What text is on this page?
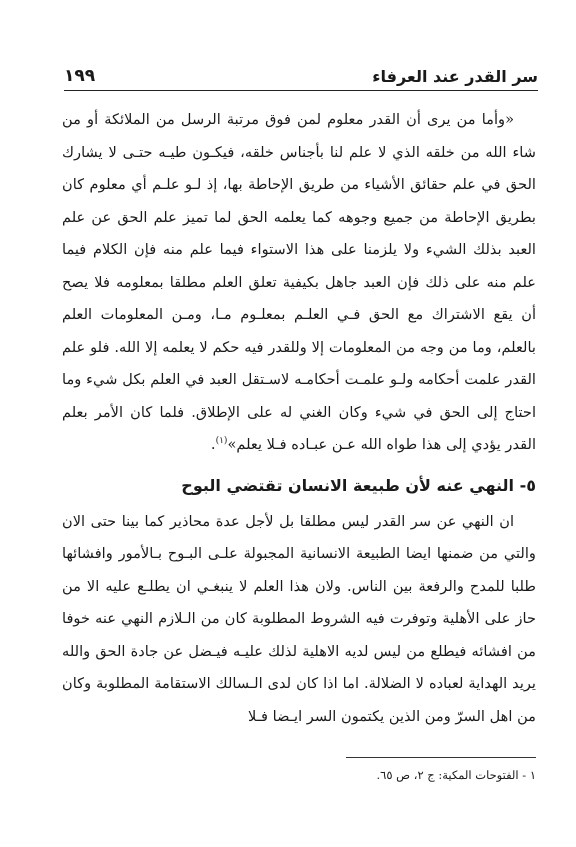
سر القدر عند العرفاء
١٩٩

«وأما من يرى أن القدر معلوم لمن فوق مرتبة الرسل من الملائكة أو من شاء الله من خلقه الذي لا علم لنا بأجناس خلقه، فيكـون طيـه حتـى لا يشارك الحق في علم حقائق الأشياء من طريق الإحاطة بها، إذ لـو علـم أي معلوم كان بطريق الإحاطة من جميع وجوهه كما يعلمه الحق لما تميز علم الحق عن علم العبد بذلك الشيء ولا يلزمنا على هذا الاستواء فيما علم منه فإن الكلام فيما علم منه على ذلك فإن العبد جاهل بكيفية تعلق العلم مطلقا بمعلومه فلا يصح أن يقع الاشتراك مع الحق فـي العلـم بمعلـوم مـا، ومـن المعلومات العلم بالعلم، وما من وجه من المعلومات إلا وللقدر فيه حكم لا يعلمه إلا الله. فلو علم القدر علمت أحكامه ولـو علمـت أحكامـه لاسـتقل العبد في العلم بكل شيء وما احتاج إلى الحق في شيء وكان الغني له على الإطلاق. فلما كان الأمر بعلم القدر يؤدي إلى هذا طواه الله عـن عبـاده فـلا يعلم»$^{(١)}$.

٥- النهي عنه لأن طبيعة الانسان تقتضي البوح

ان النهي عن سر القدر ليس مطلقا بل لأجل عدة محاذير كما بينا حتى الان والتي من ضمنها ايضا الطبيعة الانسانية المجبولة علـى البـوح بـالأمور وافشائها طلبا للمدح والرفعة بين الناس. ولان هذا العلم لا ينبغـي ان يطلـع عليه الا من حاز على الأهلية وتوفرت فيه الشروط المطلوبة كان من الـلازم النهي عنه خوفا من افشائه فيطلع من ليس لديه الاهلية لذلك عليـه فيـضل عن جادة الحق والله يريد الهداية لعباده لا الضلالة. اما اذا كان لدى الـسالك الاستقامة المطلوبة وكان من اهل السرّ ومن الذين يكتمون السر ايـضا فـلا

١ - الفتوحات المكية: ج ٢، ص ٦٥.
